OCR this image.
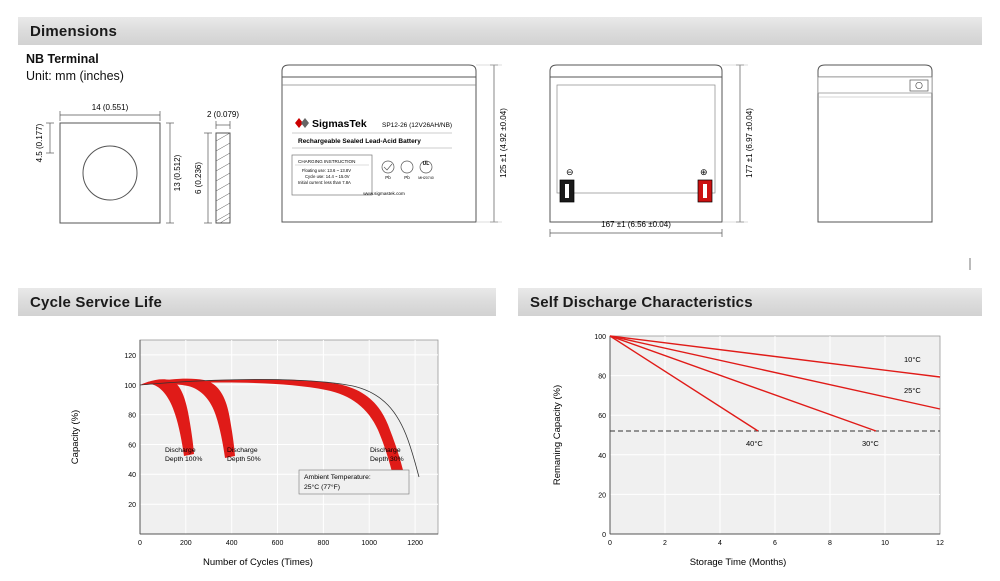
Dimensions
NB Terminal
Unit: mm (inches)
14 (0.551)
4.5 (0.177)
13 (0.512)
2 (0.079)
6 (0.236)
SigmasTek SP12-26 (12V26AH/NB)
Rechargeable Sealed Lead-Acid Battery
CHARGING INSTRUCTION
Floating use: 13.6 ~ 13.8V
Cycle use: 14.4 ~ 15.0V
Initial current: less than 7.8A
Pb	Pb
UL
MH20740
www.sigmastek.com
125 ±1 (4.92 ±0.04)	⊖	⊕	177 ±1 (6.97 ±0.04)
167 ±1 (6.56 ±0.04)
Cycle Service Life
20
40
60
80
100
120
0	200	400	600	800	1000	1200
Capacity (%)
Number of Cycles (Times)
Discharge
Depth 100%
Discharge
Depth 50%
Discharge
Depth 30%
Ambient Temperature:
25°C (77°F)
Self Discharge Characteristics
0
20
40
60
80
100
0	2	4	6	8	10	12
Remaning Capacity (%)
Storage Time (Months)
40°C	30°C
25°C
10°C
